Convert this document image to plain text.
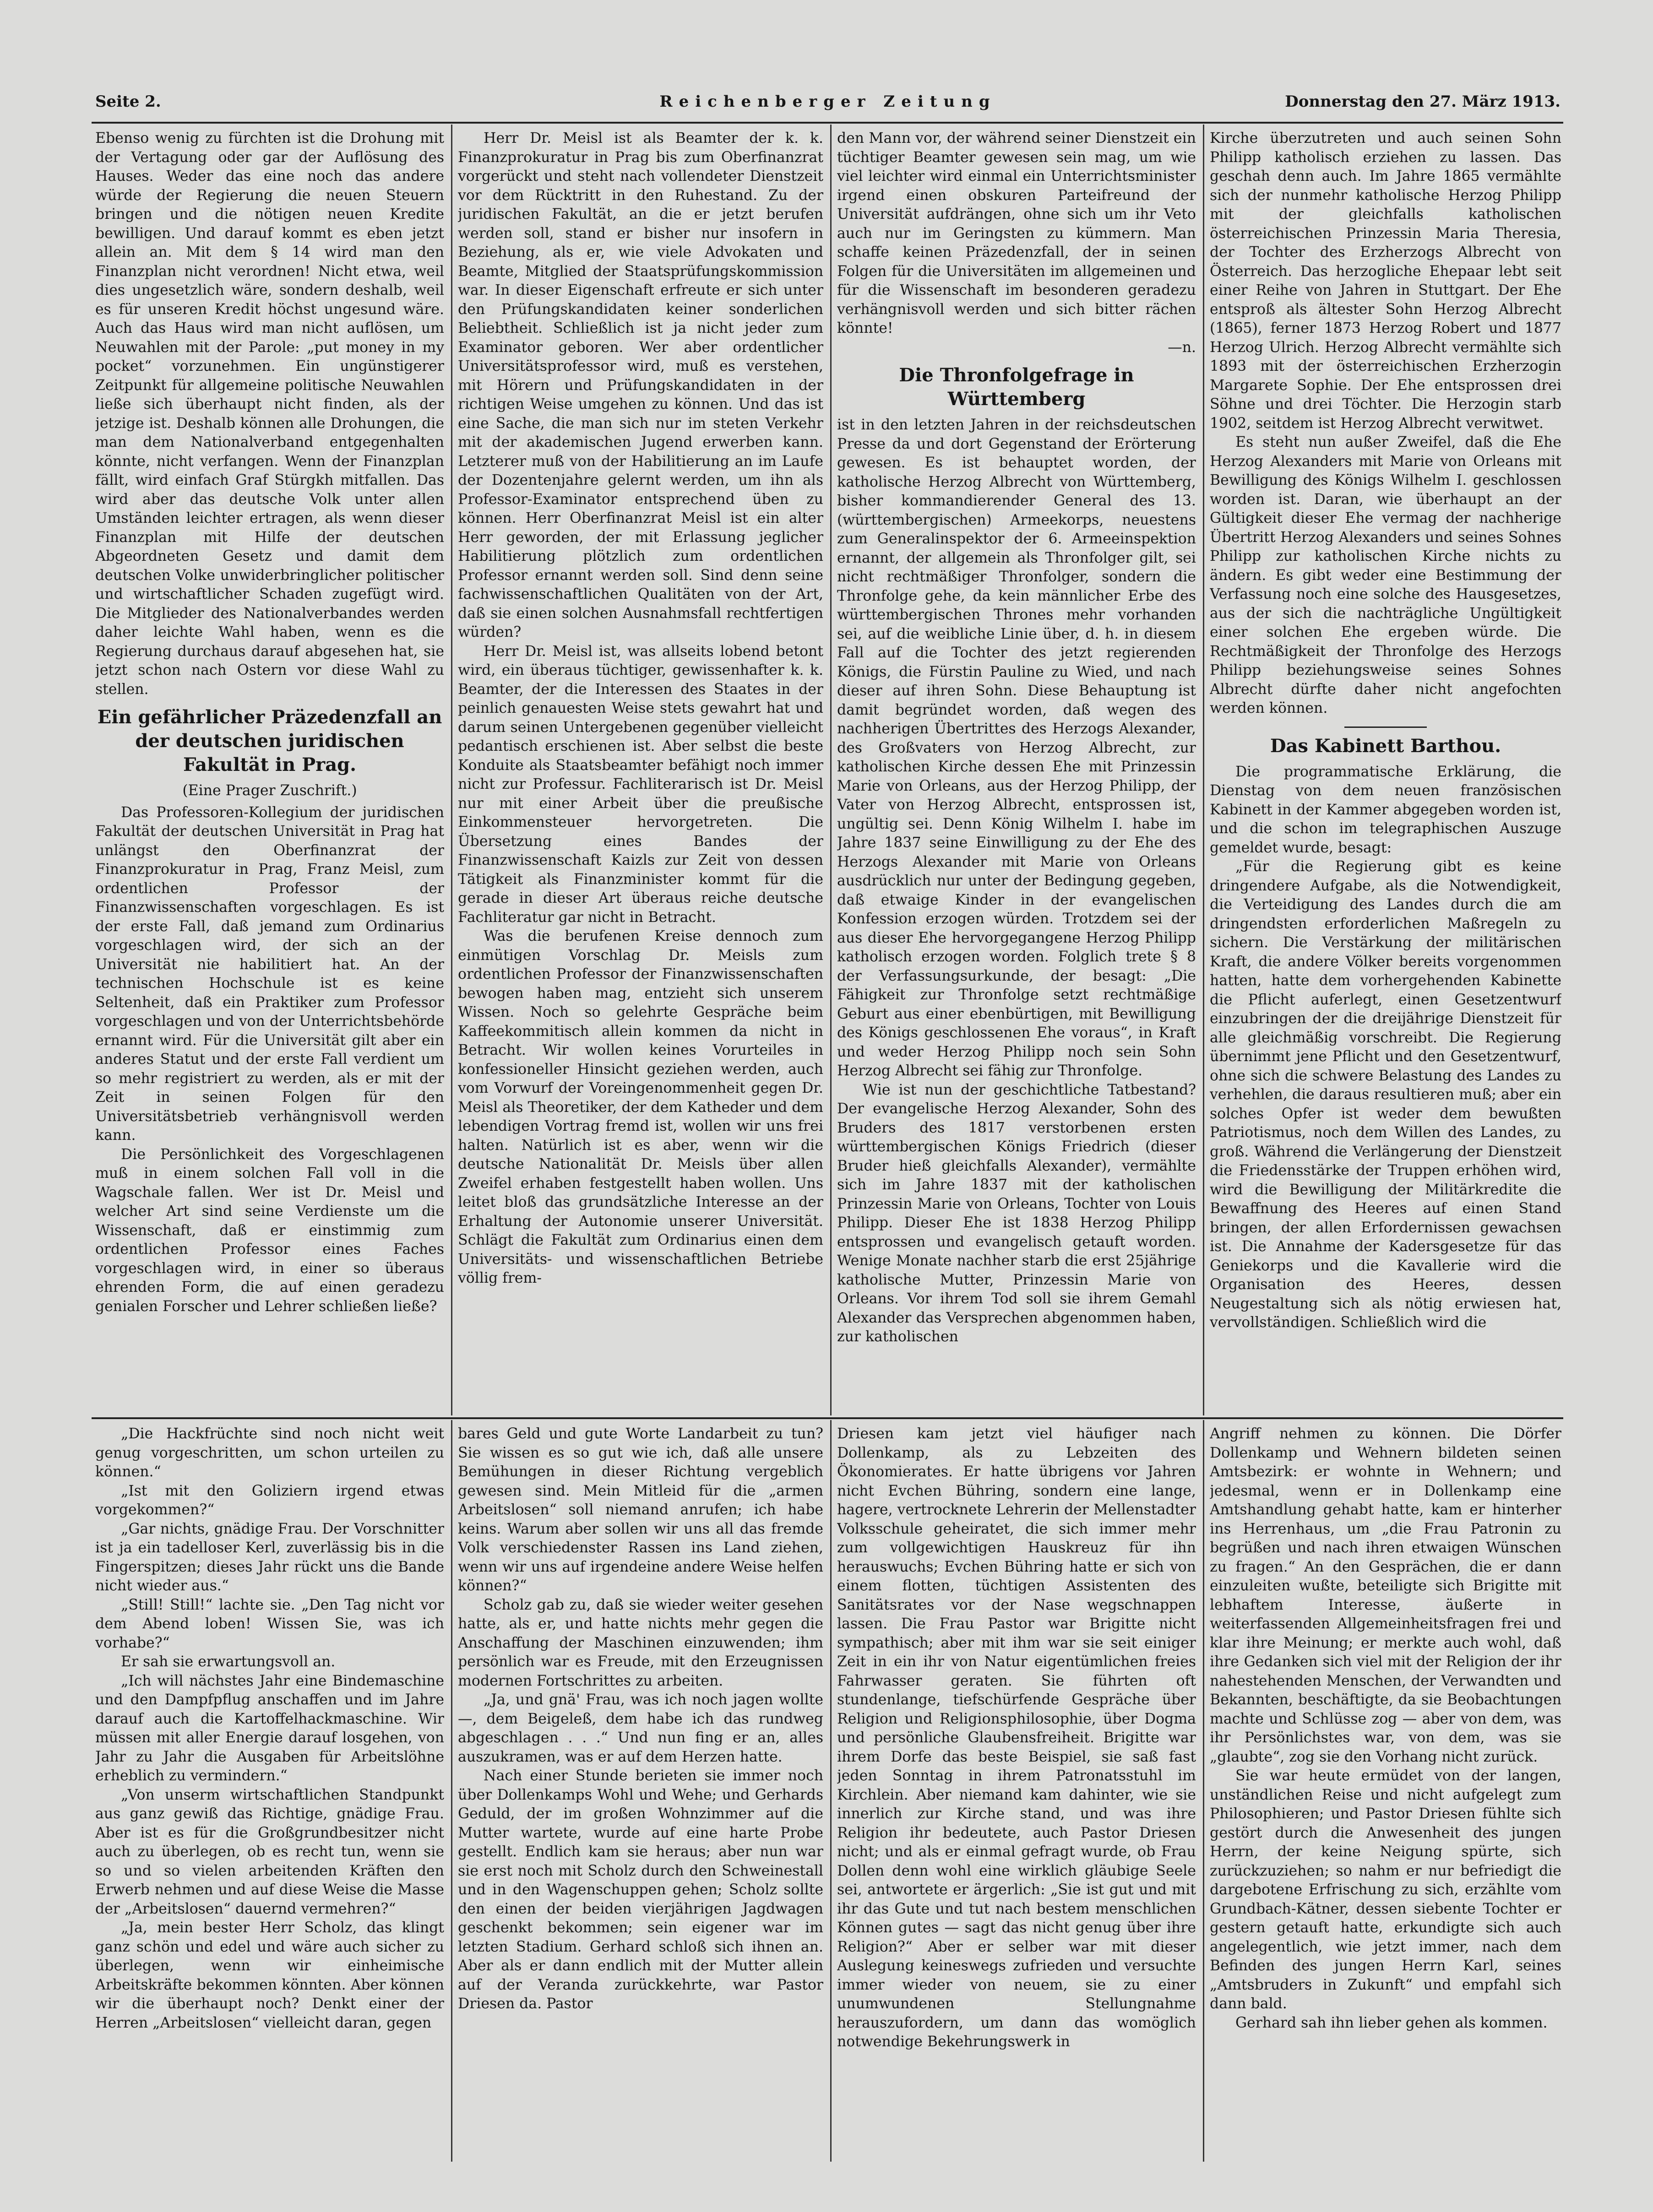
Seite 2.	Reichenberger Zeitung	Donnerstag den 27. März 1913.

Ebenso wenig zu fürchten ist die Drohung mit der Vertagung oder gar der Auflösung des Hauses. Weder das eine noch das andere würde der Regierung die neuen Steuern bringen und die nötigen neuen Kredite bewilligen. Und darauf kommt es eben jetzt allein an. Mit dem § 14 wird man den Finanzplan nicht verordnen! Nicht etwa, weil dies ungesetzlich wäre, sondern deshalb, weil es für unseren Kredit höchst ungesund wäre. Auch das Haus wird man nicht auflösen, um Neuwahlen mit der Parole: „put money in my pocket“ vorzunehmen. Ein ungünstigerer Zeitpunkt für allgemeine politische Neuwahlen ließe sich überhaupt nicht finden, als der jetzige ist. Deshalb können alle Drohungen, die man dem Nationalverband entgegenhalten könnte, nicht verfangen. Wenn der Finanzplan fällt, wird einfach Graf Stürgkh mitfallen. Das wird aber das deutsche Volk unter allen Umständen leichter ertragen, als wenn dieser Finanzplan mit Hilfe der deutschen Abgeordneten Gesetz und damit dem deutschen Volke unwiderbringlicher politischer und wirtschaftlicher Schaden zugefügt wird. Die Mitglieder des Nationalverbandes werden daher leichte Wahl haben, wenn es die Regierung durchaus darauf abgesehen hat, sie jetzt schon nach Ostern vor diese Wahl zu stellen.

Ein gefährlicher Präzedenzfall an der deutschen juridischen Fakultät in Prag.

(Eine Prager Zuschrift.)

Das Professoren-Kollegium der juridischen Fakultät der deutschen Universität in Prag hat unlängst den Oberfinanzrat der Finanzprokuratur in Prag, Franz Meisl, zum ordentlichen Professor der Finanzwissenschaften vorgeschlagen. Es ist der erste Fall, daß jemand zum Ordinarius vorgeschlagen wird, der sich an der Universität nie habilitiert hat. An der technischen Hochschule ist es keine Seltenheit, daß ein Praktiker zum Professor vorgeschlagen und von der Unterrichtsbehörde ernannt wird. Für die Universität gilt aber ein anderes Statut und der erste Fall verdient um so mehr registriert zu werden, als er mit der Zeit in seinen Folgen für den Universitätsbetrieb verhängnisvoll werden kann.

Die Persönlichkeit des Vorgeschlagenen muß in einem solchen Fall voll in die Wagschale fallen. Wer ist Dr. Meisl und welcher Art sind seine Verdienste um die Wissenschaft, daß er einstimmig zum ordentlichen Professor eines Faches vorgeschlagen wird, in einer so überaus ehrenden Form, die auf einen geradezu genialen Forscher und Lehrer schließen ließe?

Herr Dr. Meisl ist als Beamter der k. k. Finanzprokuratur in Prag bis zum Oberfinanzrat vorgerückt und steht nach vollendeter Dienstzeit vor dem Rücktritt in den Ruhestand. Zu der juridischen Fakultät, an die er jetzt berufen werden soll, stand er bisher nur insofern in Beziehung, als er, wie viele Advokaten und Beamte, Mitglied der Staatsprüfungskommission war. In dieser Eigenschaft erfreute er sich unter den Prüfungskandidaten keiner sonderlichen Beliebtheit. Schließlich ist ja nicht jeder zum Examinator geboren. Wer aber ordentlicher Universitätsprofessor wird, muß es verstehen, mit Hörern und Prüfungskandidaten in der richtigen Weise umgehen zu können. Und das ist eine Sache, die man sich nur im steten Verkehr mit der akademischen Jugend erwerben kann. Letzterer muß von der Habilitierung an im Laufe der Dozentenjahre gelernt werden, um ihn als Professor-Examinator entsprechend üben zu können. Herr Oberfinanzrat Meisl ist ein alter Herr geworden, der mit Erlassung jeglicher Habilitierung plötzlich zum ordentlichen Professor ernannt werden soll. Sind denn seine fachwissenschaftlichen Qualitäten von der Art, daß sie einen solchen Ausnahmsfall rechtfertigen würden?

Herr Dr. Meisl ist, was allseits lobend betont wird, ein überaus tüchtiger, gewissenhafter k. k. Beamter, der die Interessen des Staates in der peinlich genauesten Weise stets gewahrt hat und darum seinen Untergebenen gegenüber vielleicht pedantisch erschienen ist. Aber selbst die beste Konduite als Staatsbeamter befähigt noch immer nicht zur Professur. Fachliterarisch ist Dr. Meisl nur mit einer Arbeit über die preußische Einkommensteuer hervorgetreten. Die Übersetzung eines Bandes der Finanzwissenschaft Kaizls zur Zeit von dessen Tätigkeit als Finanzminister kommt für die gerade in dieser Art überaus reiche deutsche Fachliteratur gar nicht in Betracht.

Was die berufenen Kreise dennoch zum einmütigen Vorschlag Dr. Meisls zum ordentlichen Professor der Finanzwissenschaften bewogen haben mag, entzieht sich unserem Wissen. Noch so gelehrte Gespräche beim Kaffeekommitisch allein kommen da nicht in Betracht. Wir wollen keines Vorurteiles in konfessioneller Hinsicht geziehen werden, auch vom Vorwurf der Voreingenommenheit gegen Dr. Meisl als Theoretiker, der dem Katheder und dem lebendigen Vortrag fremd ist, wollen wir uns frei halten. Natürlich ist es aber, wenn wir die deutsche Nationalität Dr. Meisls über allen Zweifel erhaben festgestellt haben wollen. Uns leitet bloß das grundsätzliche Interesse an der Erhaltung der Autonomie unserer Universität. Schlägt die Fakultät zum Ordinarius einen dem Universitäts- und wissenschaftlichen Betriebe völlig frem-

den Mann vor, der während seiner Dienstzeit ein tüchtiger Beamter gewesen sein mag, um wie viel leichter wird einmal ein Unterrichtsminister irgend einen obskuren Parteifreund der Universität aufdrängen, ohne sich um ihr Veto auch nur im Geringsten zu kümmern. Man schaffe keinen Präzedenzfall, der in seinen Folgen für die Universitäten im allgemeinen und für die Wissenschaft im besonderen geradezu verhängnisvoll werden und sich bitter rächen könnte!

—n.

Die Thronfolgefrage in Württemberg

ist in den letzten Jahren in der reichsdeutschen Presse da und dort Gegenstand der Erörterung gewesen. Es ist behauptet worden, der katholische Herzog Albrecht von Württemberg, bisher kommandierender General des 13. (württembergischen) Armeekorps, neuestens zum Generalinspektor der 6. Armeeinspektion ernannt, der allgemein als Thronfolger gilt, sei nicht rechtmäßiger Thronfolger, sondern die Thronfolge gehe, da kein männlicher Erbe des württembergischen Thrones mehr vorhanden sei, auf die weibliche Linie über, d. h. in diesem Fall auf die Tochter des jetzt regierenden Königs, die Fürstin Pauline zu Wied, und nach dieser auf ihren Sohn. Diese Behauptung ist damit begründet worden, daß wegen des nachherigen Übertrittes des Herzogs Alexander, des Großvaters von Herzog Albrecht, zur katholischen Kirche dessen Ehe mit Prinzessin Marie von Orleans, aus der Herzog Philipp, der Vater von Herzog Albrecht, entsprossen ist, ungültig sei. Denn König Wilhelm I. habe im Jahre 1837 seine Einwilligung zu der Ehe des Herzogs Alexander mit Marie von Orleans ausdrücklich nur unter der Bedingung gegeben, daß etwaige Kinder in der evangelischen Konfession erzogen würden. Trotzdem sei der aus dieser Ehe hervorgegangene Herzog Philipp katholisch erzogen worden. Folglich trete § 8 der Verfassungsurkunde, der besagt: „Die Fähigkeit zur Thronfolge setzt rechtmäßige Geburt aus einer ebenbürtigen, mit Bewilligung des Königs geschlossenen Ehe voraus“, in Kraft und weder Herzog Philipp noch sein Sohn Herzog Albrecht sei fähig zur Thronfolge.

Wie ist nun der geschichtliche Tatbestand? Der evangelische Herzog Alexander, Sohn des Bruders des 1817 verstorbenen ersten württembergischen Königs Friedrich (dieser Bruder hieß gleichfalls Alexander), vermählte sich im Jahre 1837 mit der katholischen Prinzessin Marie von Orleans, Tochter von Louis Philipp. Dieser Ehe ist 1838 Herzog Philipp entsprossen und evangelisch getauft worden. Wenige Monate nachher starb die erst 25jährige katholische Mutter, Prinzessin Marie von Orleans. Vor ihrem Tod soll sie ihrem Gemahl Alexander das Versprechen abgenommen haben, zur katholischen

Kirche überzutreten und auch seinen Sohn Philipp katholisch erziehen zu lassen. Das geschah denn auch. Im Jahre 1865 vermählte sich der nunmehr katholische Herzog Philipp mit der gleichfalls katholischen österreichischen Prinzessin Maria Theresia, der Tochter des Erzherzogs Albrecht von Österreich. Das herzogliche Ehepaar lebt seit einer Reihe von Jahren in Stuttgart. Der Ehe entsproß als ältester Sohn Herzog Albrecht (1865), ferner 1873 Herzog Robert und 1877 Herzog Ulrich. Herzog Albrecht vermählte sich 1893 mit der österreichischen Erzherzogin Margarete Sophie. Der Ehe entsprossen drei Söhne und drei Töchter. Die Herzogin starb 1902, seitdem ist Herzog Albrecht verwitwet.

Es steht nun außer Zweifel, daß die Ehe Herzog Alexanders mit Marie von Orleans mit Bewilligung des Königs Wilhelm I. geschlossen worden ist. Daran, wie überhaupt an der Gültigkeit dieser Ehe vermag der nachherige Übertritt Herzog Alexanders und seines Sohnes Philipp zur katholischen Kirche nichts zu ändern. Es gibt weder eine Bestimmung der Verfassung noch eine solche des Hausgesetzes, aus der sich die nachträgliche Ungültigkeit einer solchen Ehe ergeben würde. Die Rechtmäßigkeit der Thronfolge des Herzogs Philipp beziehungsweise seines Sohnes Albrecht dürfte daher nicht angefochten werden können.

Das Kabinett Barthou.

Die programmatische Erklärung, die Dienstag von dem neuen französischen Kabinett in der Kammer abgegeben worden ist, und die schon im telegraphischen Auszuge gemeldet wurde, besagt:

„Für die Regierung gibt es keine dringendere Aufgabe, als die Notwendigkeit, die Verteidigung des Landes durch die am dringendsten erforderlichen Maßregeln zu sichern. Die Verstärkung der militärischen Kraft, die andere Völker bereits vorgenommen hatten, hatte dem vorhergehenden Kabinette die Pflicht auferlegt, einen Gesetzentwurf einzubringen der die dreijährige Dienstzeit für alle gleichmäßig vorschreibt. Die Regierung übernimmt jene Pflicht und den Gesetzentwurf, ohne sich die schwere Belastung des Landes zu verhehlen, die daraus resultieren muß; aber ein solches Opfer ist weder dem bewußten Patriotismus, noch dem Willen des Landes, zu groß. Während die Verlängerung der Dienstzeit die Friedensstärke der Truppen erhöhen wird, wird die Bewilligung der Militärkredite die Bewaffnung des Heeres auf einen Stand bringen, der allen Erfordernissen gewachsen ist. Die Annahme der Kadersgesetze für das Geniekorps und die Kavallerie wird die Organisation des Heeres, dessen Neugestaltung sich als nötig erwiesen hat, vervollständigen. Schließlich wird die

„Die Hackfrüchte sind noch nicht weit genug vorgeschritten, um schon urteilen zu können.“

„Ist mit den Goliziern irgend etwas vorgekommen?“

„Gar nichts, gnädige Frau. Der Vorschnitter ist ja ein tadelloser Kerl, zuverlässig bis in die Fingerspitzen; dieses Jahr rückt uns die Bande nicht wieder aus.“

„Still! Still!“ lachte sie. „Den Tag nicht vor dem Abend loben! Wissen Sie, was ich vorhabe?“

Er sah sie erwartungsvoll an.

„Ich will nächstes Jahr eine Bindemaschine und den Dampfpflug anschaffen und im Jahre darauf auch die Kartoffelhackmaschine. Wir müssen mit aller Energie darauf losgehen, von Jahr zu Jahr die Ausgaben für Arbeitslöhne erheblich zu vermindern.“

„Von unserm wirtschaftlichen Standpunkt aus ganz gewiß das Richtige, gnädige Frau. Aber ist es für die Großgrundbesitzer nicht auch zu überlegen, ob es recht tun, wenn sie so und so vielen arbeitenden Kräften den Erwerb nehmen und auf diese Weise die Masse der „Arbeitslosen“ dauernd vermehren?“

„Ja, mein bester Herr Scholz, das klingt ganz schön und edel und wäre auch sicher zu überlegen, wenn wir einheimische Arbeitskräfte bekommen könnten. Aber können wir die überhaupt noch? Denkt einer der Herren „Arbeitslosen“ vielleicht daran, gegen

bares Geld und gute Worte Landarbeit zu tun? Sie wissen es so gut wie ich, daß alle unsere Bemühungen in dieser Richtung vergeblich gewesen sind. Mein Mitleid für die „armen Arbeitslosen“ soll niemand anrufen; ich habe keins. Warum aber sollen wir uns all das fremde Volk verschiedenster Rassen ins Land ziehen, wenn wir uns auf irgendeine andere Weise helfen können?“

Scholz gab zu, daß sie wieder weiter gesehen hatte, als er, und hatte nichts mehr gegen die Anschaffung der Maschinen einzuwenden; ihm persönlich war es Freude, mit den Erzeugnissen modernen Fortschrittes zu arbeiten.

„Ja, und gnä' Frau, was ich noch jagen wollte —, dem Beigeleß, dem habe ich das rundweg abgeschlagen . . .“ Und nun fing er an, alles auszukramen, was er auf dem Herzen hatte.

Nach einer Stunde berieten sie immer noch über Dollenkamps Wohl und Wehe; und Gerhards Geduld, der im großen Wohnzimmer auf die Mutter wartete, wurde auf eine harte Probe gestellt. Endlich kam sie heraus; aber nun war sie erst noch mit Scholz durch den Schweinestall und in den Wagenschuppen gehen; Scholz sollte den einen der beiden vierjährigen Jagdwagen geschenkt bekommen; sein eigener war im letzten Stadium. Gerhard schloß sich ihnen an. Aber als er dann endlich mit der Mutter allein auf der Veranda zurückkehrte, war Pastor Driesen da. Pastor

Driesen kam jetzt viel häufiger nach Dollenkamp, als zu Lebzeiten des Ökonomierates. Er hatte übrigens vor Jahren nicht Evchen Bühring, sondern eine lange, hagere, vertrocknete Lehrerin der Mellenstadter Volksschule geheiratet, die sich immer mehr zum vollgewichtigen Hauskreuz für ihn herauswuchs; Evchen Bühring hatte er sich von einem flotten, tüchtigen Assistenten des Sanitätsrates vor der Nase wegschnappen lassen. Die Frau Pastor war Brigitte nicht sympathisch; aber mit ihm war sie seit einiger Zeit in ein ihr von Natur eigentümlichen freies Fahrwasser geraten. Sie führten oft stundenlange, tiefschürfende Gespräche über Religion und Religionsphilosophie, über Dogma und persönliche Glaubensfreiheit. Brigitte war ihrem Dorfe das beste Beispiel, sie saß fast jeden Sonntag in ihrem Patronatsstuhl im Kirchlein. Aber niemand kam dahinter, wie sie innerlich zur Kirche stand, und was ihre Religion ihr bedeutete, auch Pastor Driesen nicht; und als er einmal gefragt wurde, ob Frau Dollen denn wohl eine wirklich gläubige Seele sei, antwortete er ärgerlich: „Sie ist gut und mit ihr das Gute und tut nach bestem menschlichen Können gutes — sagt das nicht genug über ihre Religion?“ Aber er selber war mit dieser Auslegung keineswegs zufrieden und versuchte immer wieder von neuem, sie zu einer unumwundenen Stellungnahme herauszufordern, um dann das womöglich notwendige Bekehrungswerk in

Angriff nehmen zu können. Die Dörfer Dollenkamp und Wehnern bildeten seinen Amtsbezirk: er wohnte in Wehnern; und jedesmal, wenn er in Dollenkamp eine Amtshandlung gehabt hatte, kam er hinterher ins Herrenhaus, um „die Frau Patronin zu begrüßen und nach ihren etwaigen Wünschen zu fragen.“ An den Gesprächen, die er dann einzuleiten wußte, beteiligte sich Brigitte mit lebhaftem Interesse, äußerte in weiterfassenden Allgemeinheitsfragen frei und klar ihre Meinung; er merkte auch wohl, daß ihre Gedanken sich viel mit der Religion der ihr nahestehenden Menschen, der Verwandten und Bekannten, beschäftigte, da sie Beobachtungen machte und Schlüsse zog — aber von dem, was ihr Persönlichstes war, von dem, was sie „glaubte“, zog sie den Vorhang nicht zurück.

Sie war heute ermüdet von der langen, unständlichen Reise und nicht aufgelegt zum Philosophieren; und Pastor Driesen fühlte sich gestört durch die Anwesenheit des jungen Herrn, der keine Neigung spürte, sich zurückzuziehen; so nahm er nur befriedigt die dargebotene Erfrischung zu sich, erzählte vom Grundbach-Kätner, dessen siebente Tochter er gestern getauft hatte, erkundigte sich auch angelegentlich, wie jetzt immer, nach dem Befinden des jungen Herrn Karl, seines „Amtsbruders in Zukunft“ und empfahl sich dann bald.

Gerhard sah ihn lieber gehen als kommen.
